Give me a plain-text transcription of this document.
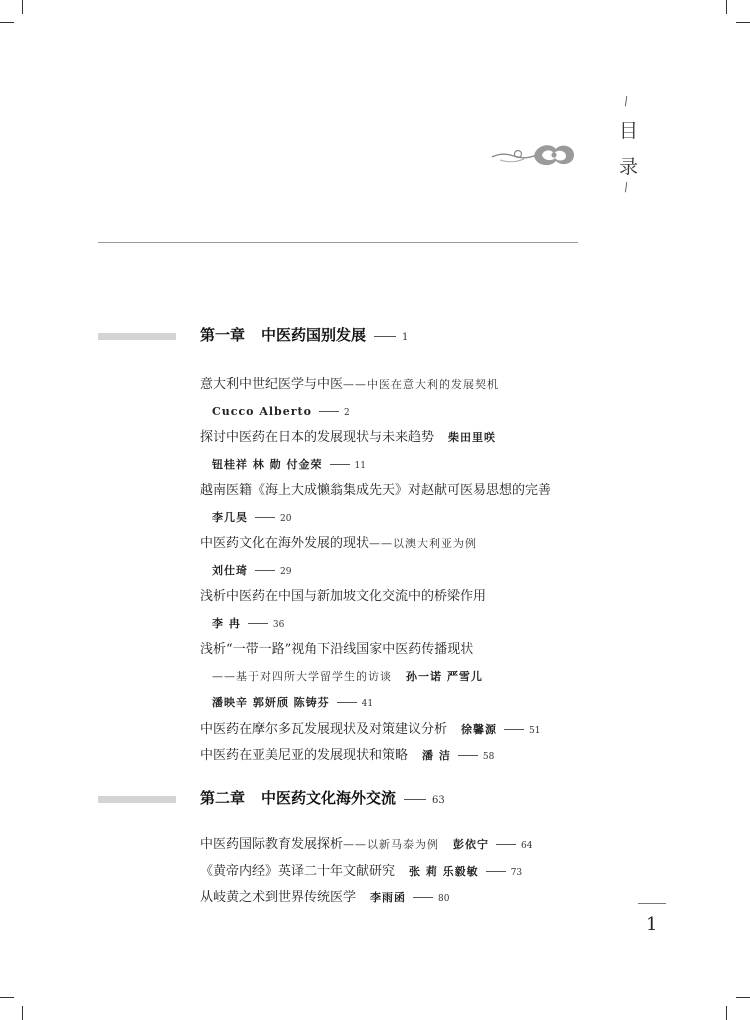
/
目
录
/
第一章 中医药国别发展	1
意大利中世纪医学与中医——中医在意大利的发展契机
Cucco Alberto	2
探讨中医药在日本的发展现状与未来趋势 柴田里咲
钮桂祥 林 勋 付金荣	11
越南医籍《海上大成懒翁集成先天》对赵献可医易思想的完善
李几昊	20
中医药文化在海外发展的现状——以澳大利亚为例
刘仕琦	29
浅析中医药在中国与新加坡文化交流中的桥梁作用
李 冉	36
浅析“一带一路”视角下沿线国家中医药传播现状
——基于对四所大学留学生的访谈 孙一诺 严雪儿
潘映辛 郭妍颀 陈铸芬	41
中医药在摩尔多瓦发展现状及对策建议分析 徐馨源	51
中医药在亚美尼亚的发展现状和策略 潘 洁	58
第二章 中医药文化海外交流	63
中医药国际教育发展探析——以新马泰为例 彭依宁	64
《黄帝内经》英译二十年文献研究 张 莉 乐毅敏	73
从岐黄之术到世界传统医学 李雨函	80
1
